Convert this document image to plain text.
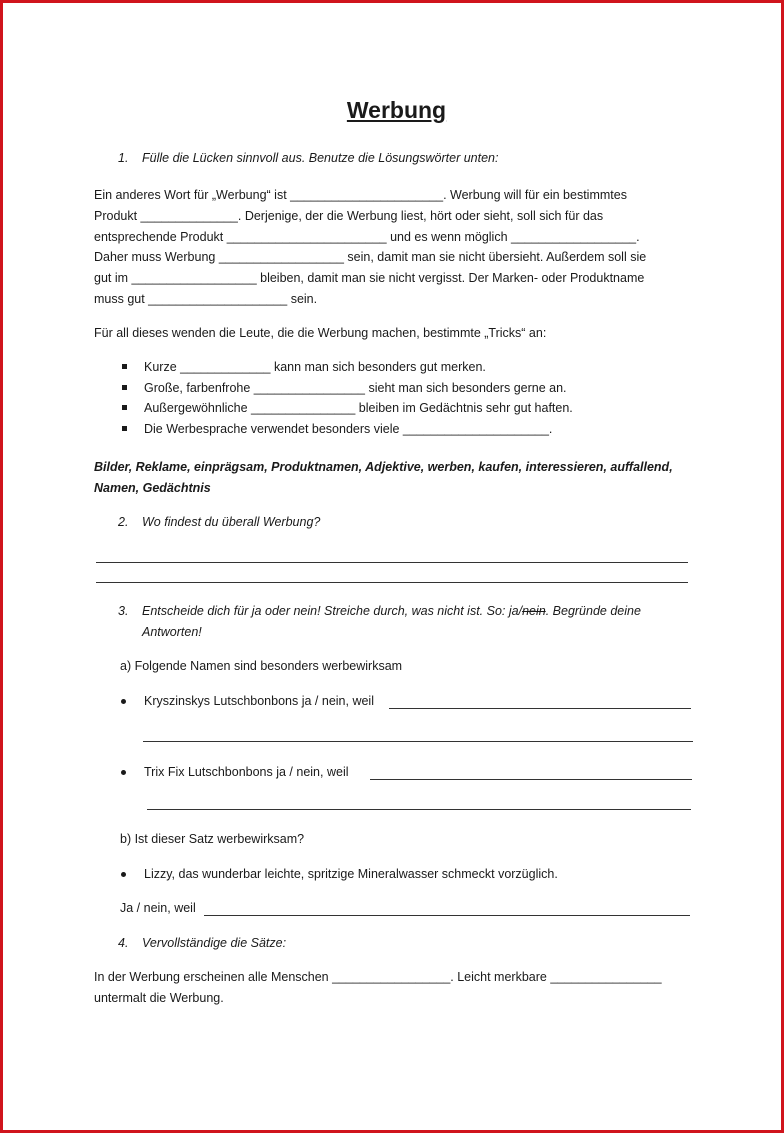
Werbung
1. Fülle die Lücken sinnvoll aus. Benutze die Lösungswörter unten:

Ein anderes Wort für „Werbung“ ist ______________________. Werbung will für ein bestimmtes

Produkt ______________. Derjenige, der die Werbung liest, hört oder sieht, soll sich für das

entsprechende Produkt _______________________ und es wenn möglich __________________.

Daher muss Werbung __________________ sein, damit man sie nicht übersieht. Außerdem soll sie

gut im __________________ bleiben, damit man sie nicht vergisst. Der Marken- oder Produktname

muss gut ____________________ sein.

Für all dieses wenden die Leute, die die Werbung machen, bestimmte „Tricks“ an:
Kurze _____________ kann man sich besonders gut merken.
Große, farbenfrohe ________________ sieht man sich besonders gerne an.
Außergewöhnliche _______________ bleiben im Gedächtnis sehr gut haften.
Die Werbesprache verwendet besonders viele _____________________.

Bilder, Reklame, einprägsam, Produktnamen, Adjektive, werben, kaufen, interessieren, auffallend,

Namen, Gedächtnis

2. Wo findest du überall Werbung?
3. Entscheide dich für ja oder nein! Streiche durch, was nicht ist. So: ja/nein. Begründe deine
Antworten!
a) Folgende Namen sind besonders werbewirksam
Kryszinskys Lutschbonbons ja / nein, weil
Trix Fix Lutschbonbons ja / nein, weil
b) Ist dieser Satz werbewirksam?
Lizzy, das wunderbar leichte, spritzige Mineralwasser schmeckt vorzüglich.
Ja / nein, weil
4. Vervollständige die Sätze:

In der Werbung erscheinen alle Menschen _________________. Leicht merkbare ________________

untermalt die Werbung.
